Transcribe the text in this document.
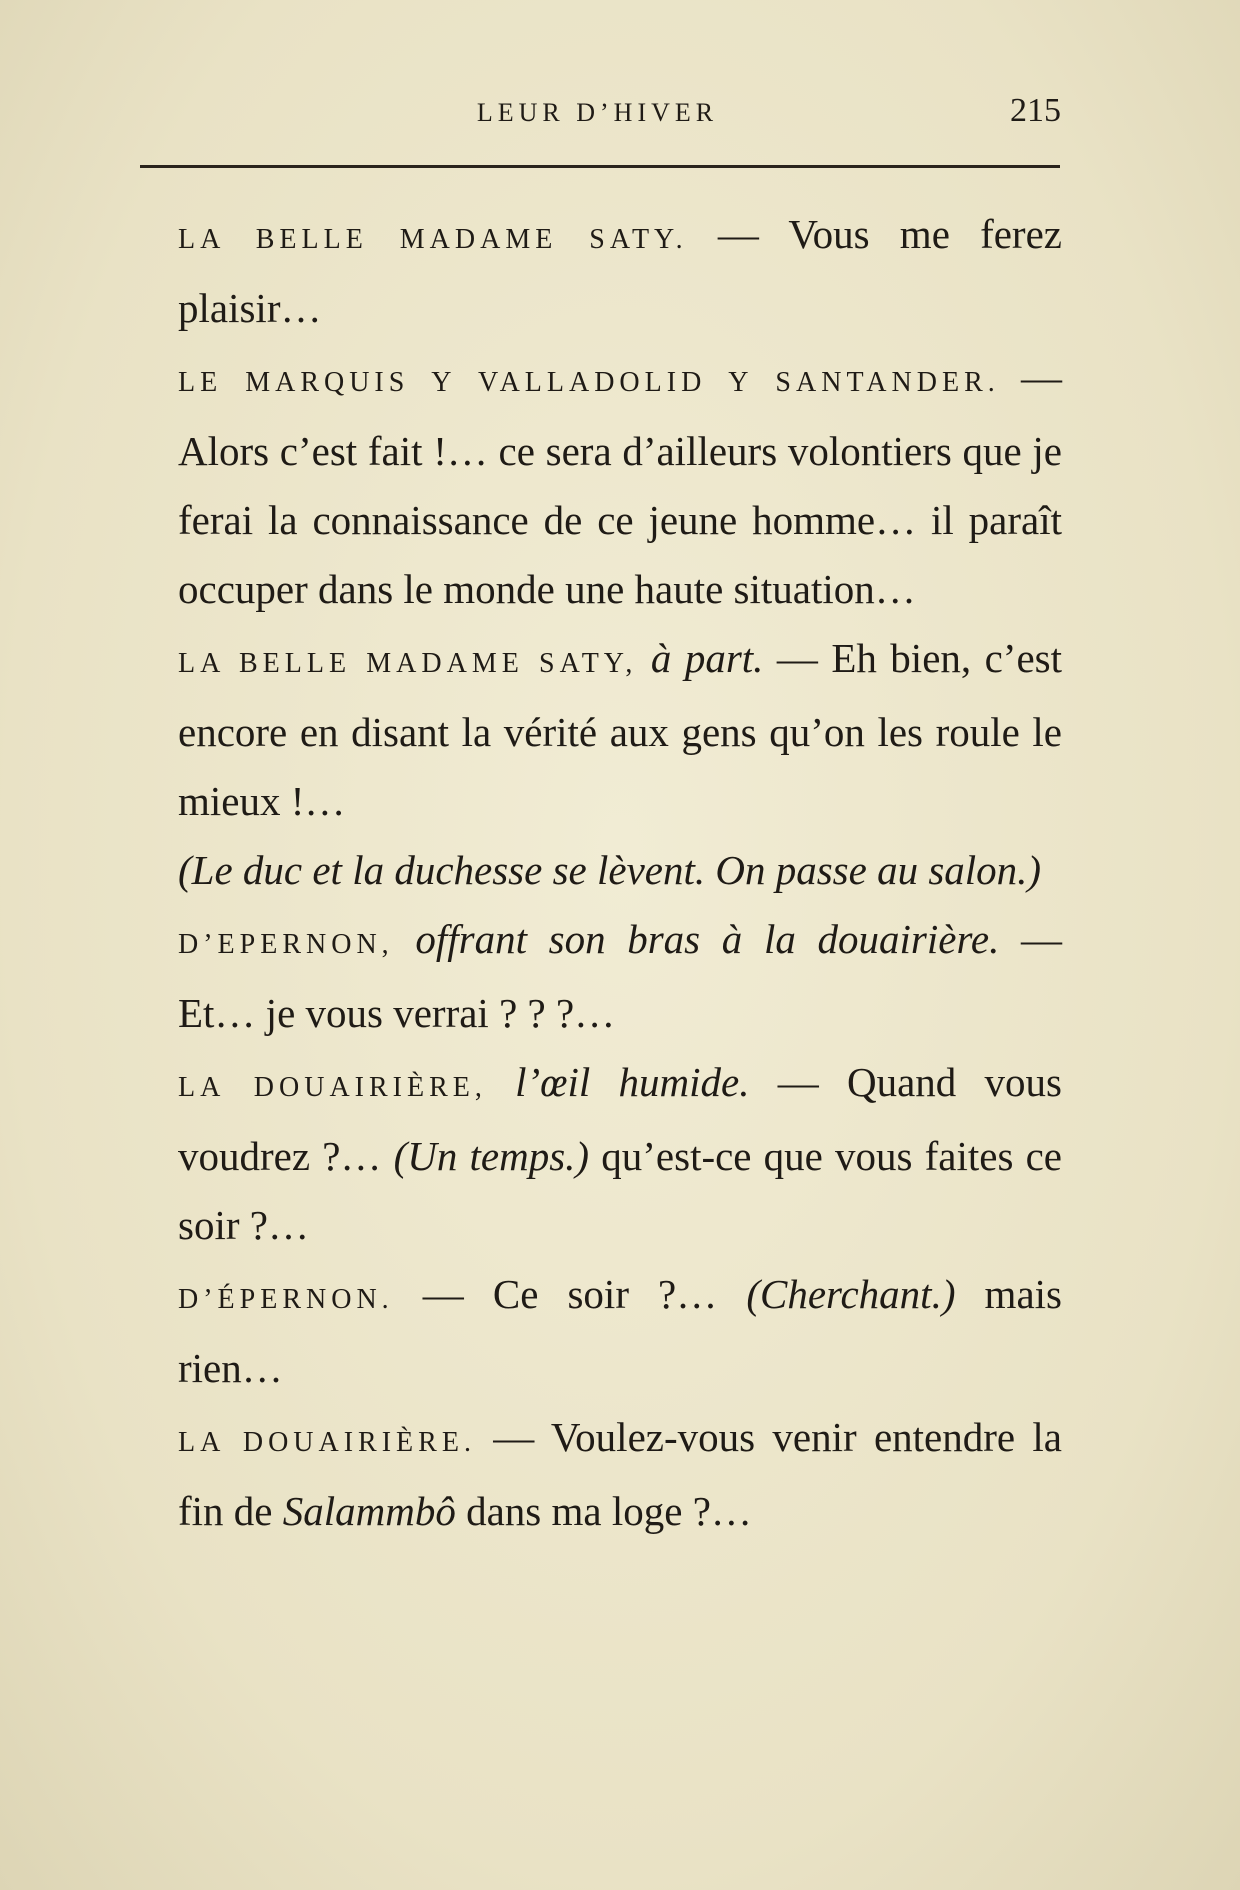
LEUR D’HIVER	215

LA BELLE MADAME SATY. — Vous me ferez plaisir…

LE MARQUIS Y VALLADOLID Y SANTANDER. — Alors c’est fait !… ce sera d’ailleurs volontiers que je ferai la connaissance de ce jeune homme… il paraît occuper dans le monde une haute situation…

LA BELLE MADAME SATY, à part. — Eh bien, c’est encore en disant la vérité aux gens qu’on les roule le mieux !…

(Le duc et la duchesse se lèvent. On passe au salon.)

D’EPERNON, offrant son bras à la douairière. — Et… je vous verrai ? ? ?…

LA DOUAIRIÈRE, l’œil humide. — Quand vous voudrez ?… (Un temps.) qu’est-ce que vous faites ce soir ?…

D’ÉPERNON. — Ce soir ?… (Cherchant.) mais rien…

LA DOUAIRIÈRE. — Voulez-vous venir entendre la fin de Salammbô dans ma loge ?…
